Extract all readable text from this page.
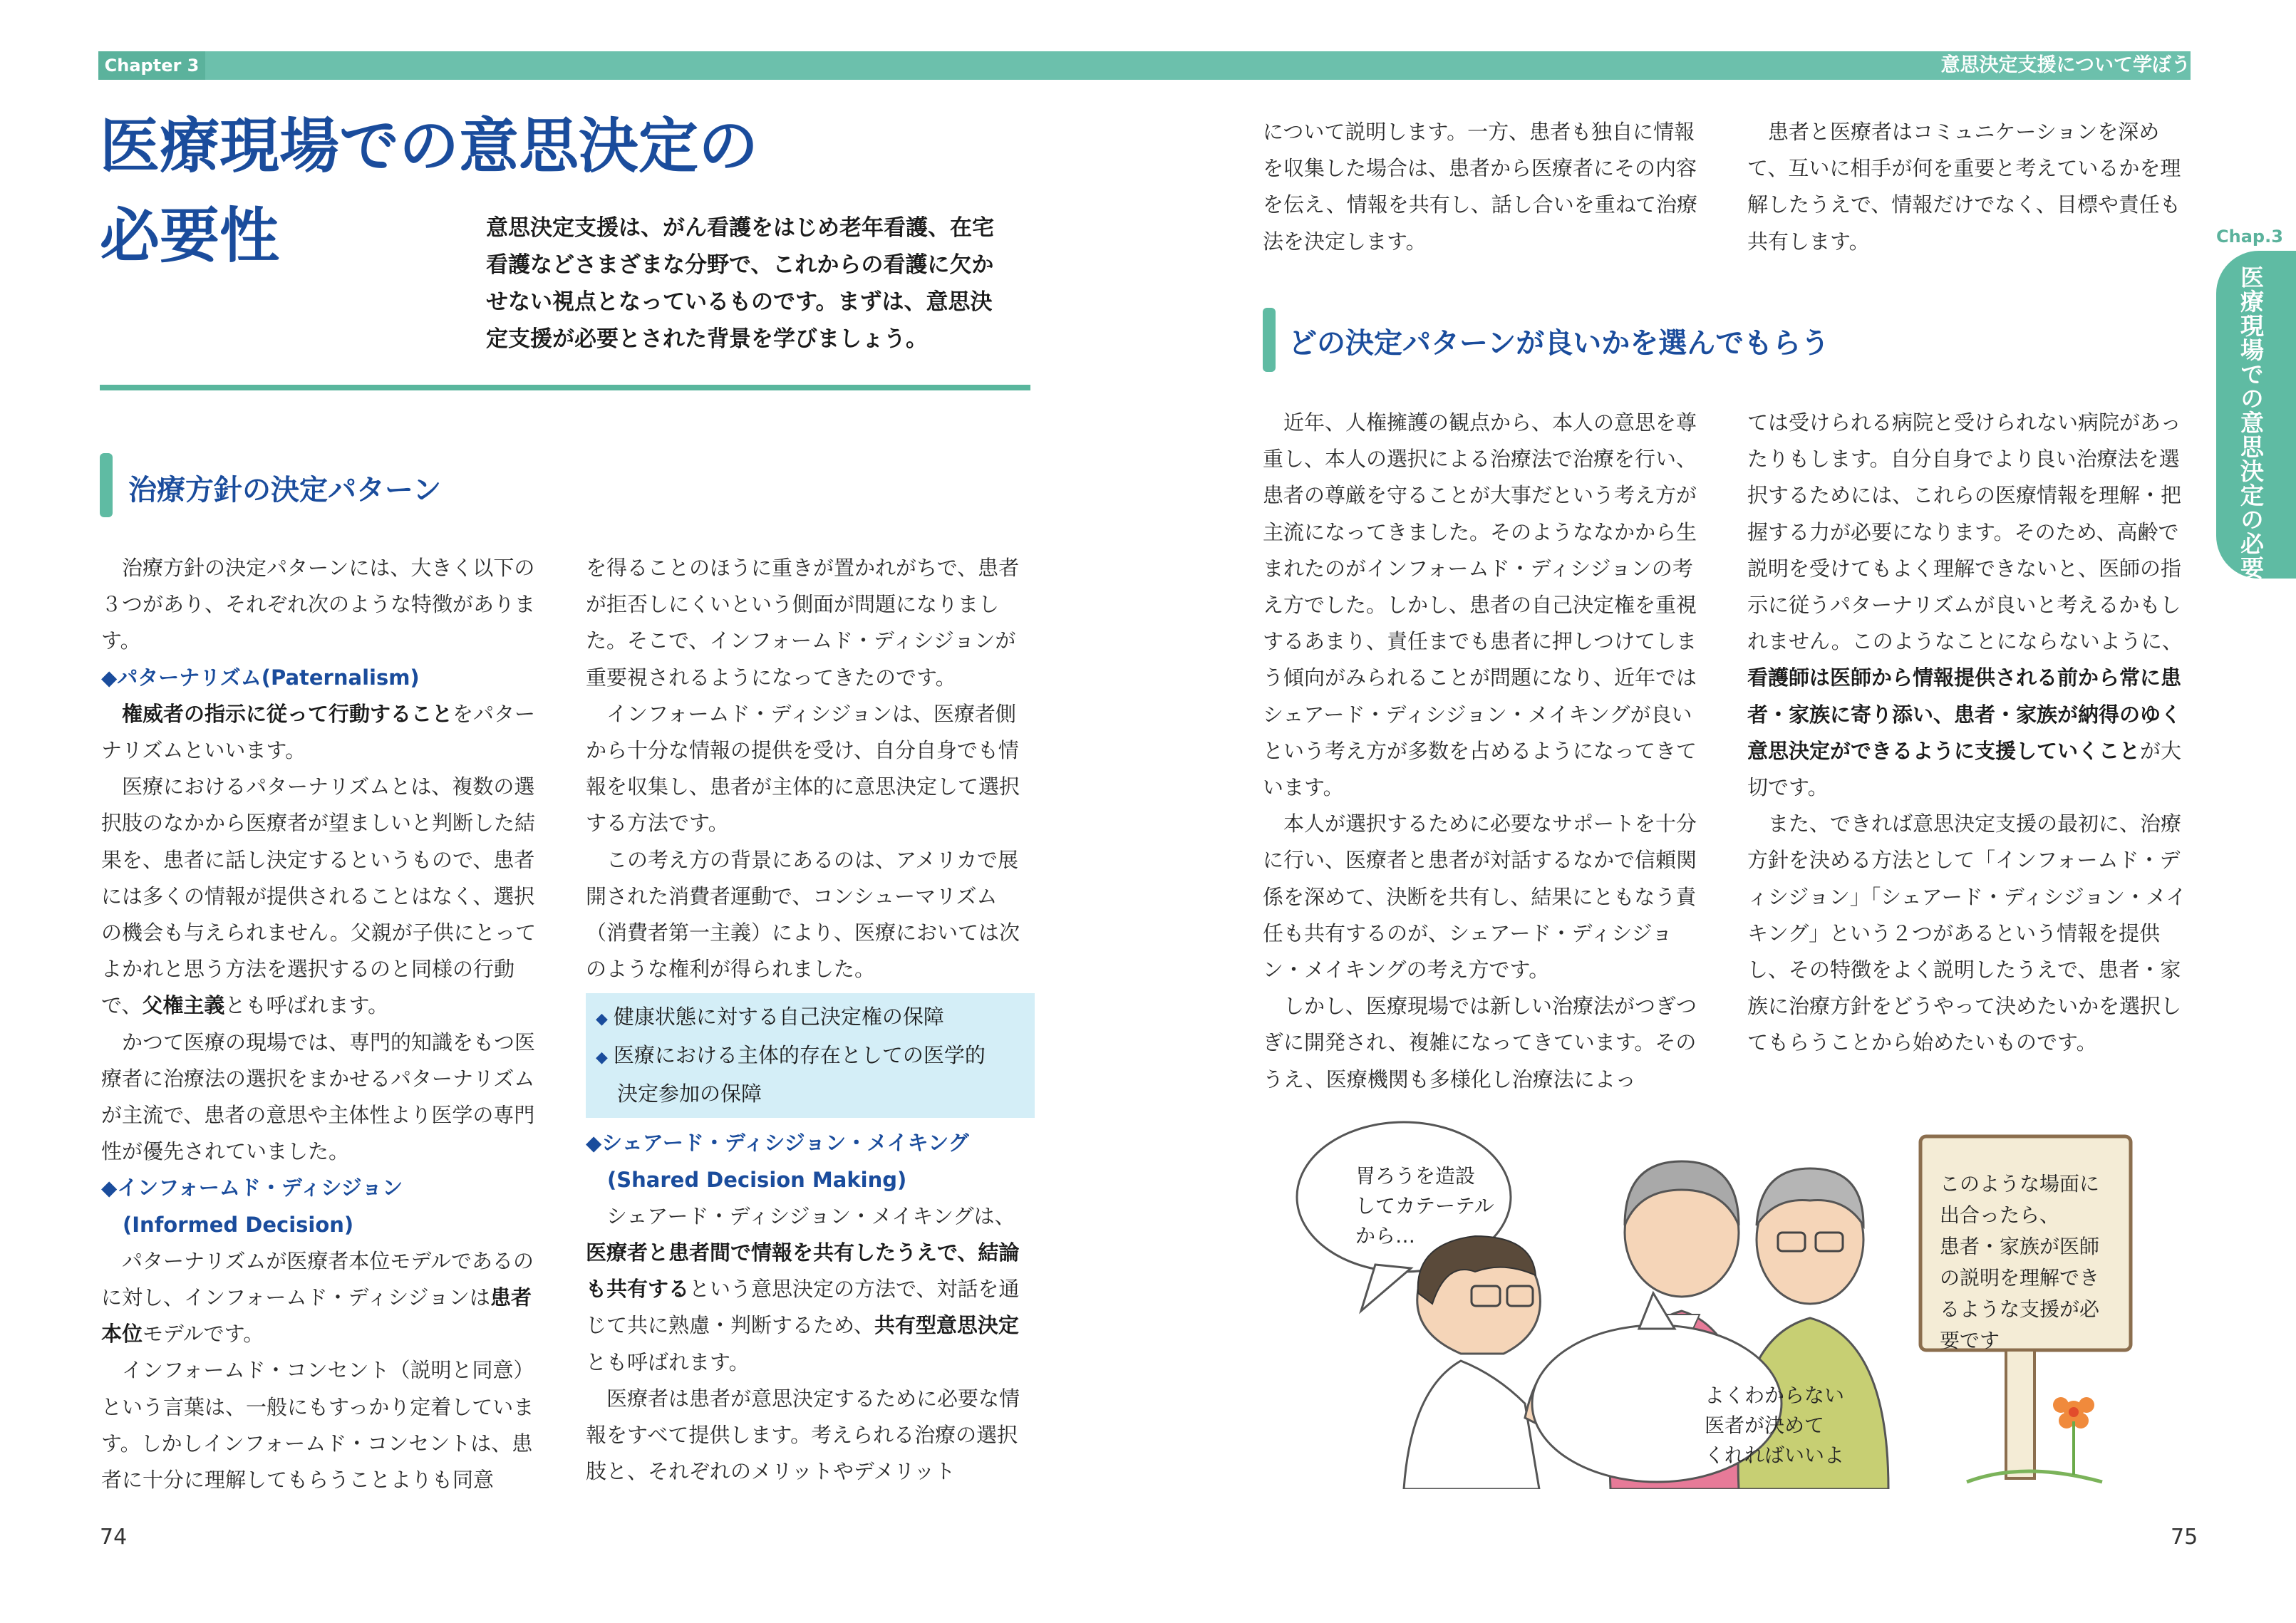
Chapter 3	意思決定支援について学ぼう
医療現場での意思決定の
必要性	意思決定支援は、がん看護をはじめ老年看護、在宅
看護などさまざまな分野で、これからの看護に欠か
せない視点となっているものです。まずは、意思決
定支援が必要とされた背景を学びましょう。
治療方針の決定パターン

治療方針の決定パターンには、大きく以下の３つがあり、それぞれ次のような特徴があります。

◆パターナリズム(Paternalism)

権威者の指示に従って行動することをパターナリズムといいます。

医療におけるパターナリズムとは、複数の選択肢のなかから医療者が望ましいと判断した結果を、患者に話し決定するというもので、患者には多くの情報が提供されることはなく、選択の機会も与えられません。父親が子供にとってよかれと思う方法を選択するのと同様の行動で、父権主義とも呼ばれます。

かつて医療の現場では、専門的知識をもつ医療者に治療法の選択をまかせるパターナリズムが主流で、患者の意思や主体性より医学の専門性が優先されていました。

◆インフォームド・ディシジョン
(Informed Decision)

パターナリズムが医療者本位モデルであるのに対し、インフォームド・ディシジョンは患者本位モデルです。

インフォームド・コンセント（説明と同意）という言葉は、一般にもすっかり定着しています。しかしインフォームド・コンセントは、患者に十分に理解してもらうことよりも同意

を得ることのほうに重きが置かれがちで、患者が拒否しにくいという側面が問題になりました。そこで、インフォームド・ディシジョンが重要視されるようになってきたのです。

インフォームド・ディシジョンは、医療者側から十分な情報の提供を受け、自分自身でも情報を収集し、患者が主体的に意思決定して選択する方法です。

この考え方の背景にあるのは、アメリカで展開された消費者運動で、コンシューマリズム（消費者第一主義）により、医療においては次のような権利が得られました。

◆ 健康状態に対する自己決定権の保障
◆ 医療における主体的存在としての医学的
決定参加の保障
◆シェアード・ディシジョン・メイキング
(Shared Decision Making)

シェアード・ディシジョン・メイキングは、医療者と患者間で情報を共有したうえで、結論も共有するという意思決定の方法で、対話を通じて共に熟慮・判断するため、共有型意思決定とも呼ばれます。

医療者は患者が意思決定するために必要な情報をすべて提供します。考えられる治療の選択肢と、それぞれのメリットやデメリット

について説明します。一方、患者も独自に情報を収集した場合は、患者から医療者にその内容を伝え、情報を共有し、話し合いを重ねて治療法を決定します。

患者と医療者はコミュニケーションを深めて、互いに相手が何を重要と考えているかを理解したうえで、情報だけでなく、目標や責任も共有します。

どの決定パターンが良いかを選んでもらう

近年、人権擁護の観点から、本人の意思を尊重し、本人の選択による治療法で治療を行い、患者の尊厳を守ることが大事だという考え方が主流になってきました。そのようななかから生まれたのがインフォームド・ディシジョンの考え方でした。しかし、患者の自己決定権を重視するあまり、責任までも患者に押しつけてしまう傾向がみられることが問題になり、近年ではシェアード・ディシジョン・メイキングが良いという考え方が多数を占めるようになってきています。

本人が選択するために必要なサポートを十分に行い、医療者と患者が対話するなかで信頼関係を深めて、決断を共有し、結果にともなう責任も共有するのが、シェアード・ディシジョン・メイキングの考え方です。

しかし、医療現場では新しい治療法がつぎつぎに開発され、複雑になってきています。そのうえ、医療機関も多様化し治療法によっ

ては受けられる病院と受けられない病院があったりもします。自分自身でより良い治療法を選択するためには、これらの医療情報を理解・把握する力が必要になります。そのため、高齢で説明を受けてもよく理解できないと、医師の指示に従うパターナリズムが良いと考えるかもしれません。このようなことにならないように、看護師は医師から情報提供される前から常に患者・家族に寄り添い、患者・家族が納得のゆく意思決定ができるように支援していくことが大切です。

また、できれば意思決定支援の最初に、治療方針を決める方法として「インフォームド・ディシジョン」「シェアード・ディシジョン・メイキング」という２つがあるという情報を提供し、その特徴をよく説明したうえで、患者・家族に治療方針をどうやって決めたいかを選択してもらうことから始めたいものです。

胃ろうを造設
してカテーテル
から…
よくわからない
医者が決めて
くれればいいよ
このような場面に
出合ったら、
患者・家族が医師
の説明を理解でき
るような支援が必
要です
Chap.3
医療現場での意思決定の必要性
74	75
